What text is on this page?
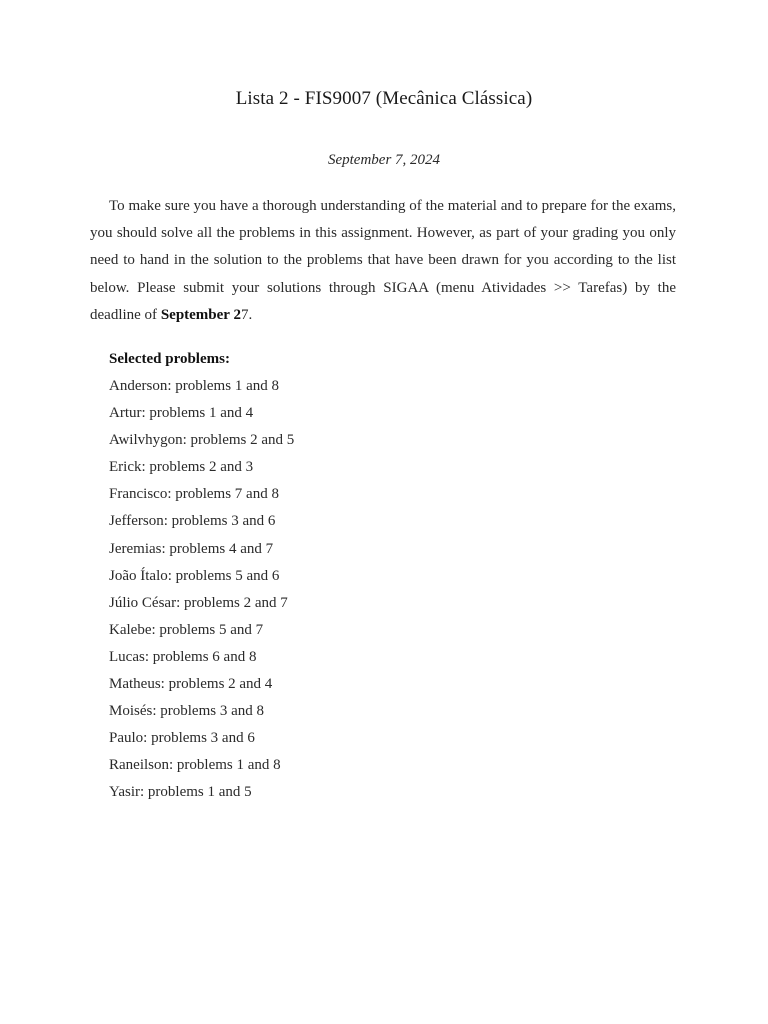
Lista 2 - FIS9007 (Mecânica Clássica)
September 7, 2024
To make sure you have a thorough understanding of the material and to prepare for the exams, you should solve all the problems in this assignment. However, as part of your grading you only need to hand in the solution to the problems that have been drawn for you according to the list below. Please submit your solutions through SIGAA (menu Atividades >> Tarefas) by the deadline of September 27.
Selected problems:
Anderson: problems 1 and 8
Artur: problems 1 and 4
Awilvhygon: problems 2 and 5
Erick: problems 2 and 3
Francisco: problems 7 and 8
Jefferson: problems 3 and 6
Jeremias: problems 4 and 7
João Ítalo: problems 5 and 6
Júlio César: problems 2 and 7
Kalebe: problems 5 and 7
Lucas: problems 6 and 8
Matheus: problems 2 and 4
Moisés: problems 3 and 8
Paulo: problems 3 and 6
Raneilson: problems 1 and 8
Yasir: problems 1 and 5
